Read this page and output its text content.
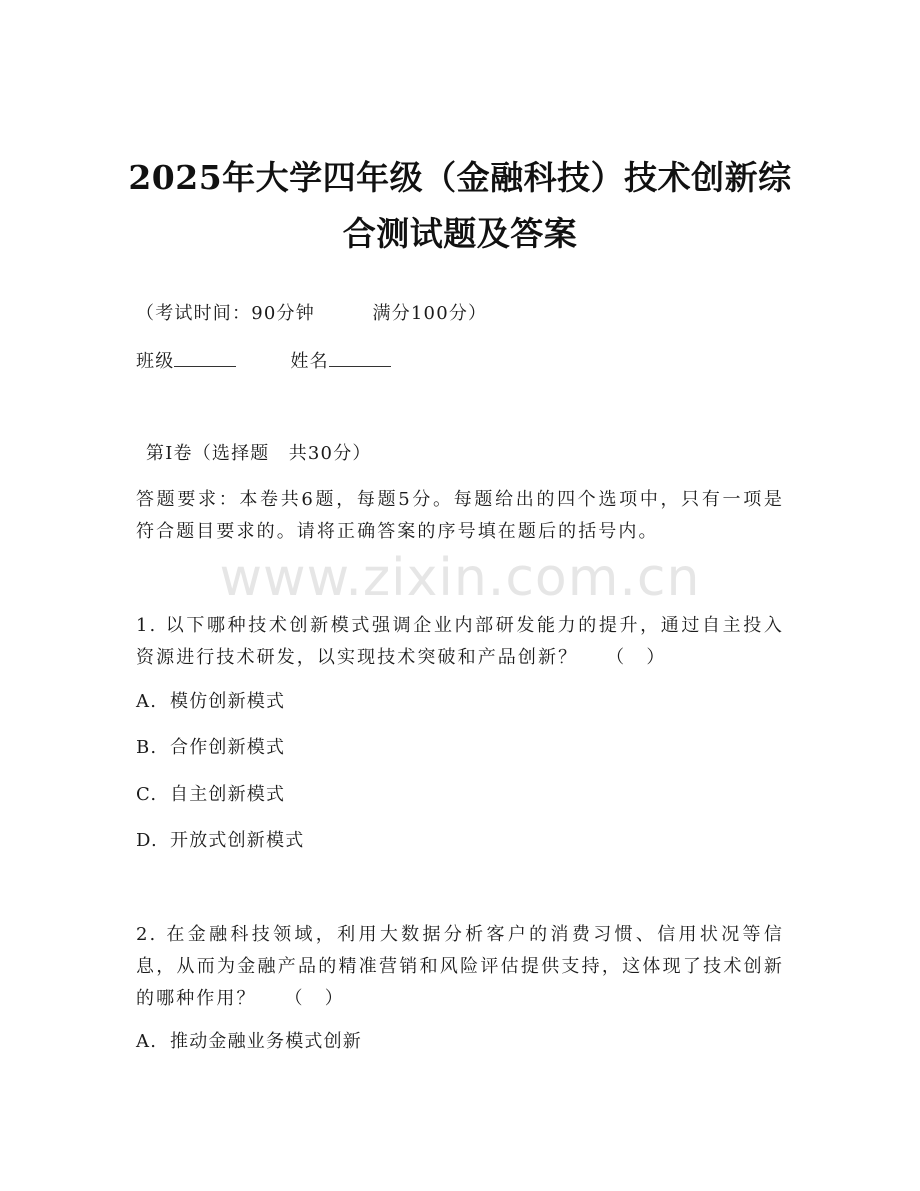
www.zixin.com.cn
2025年大学四年级（金融科技）技术创新综
合测试题及答案
（考试时间：90分钟　　　满分100分）
班级	姓名
第Ⅰ卷（选择题　共30分）
答题要求：本卷共6题，每题5分。每题给出的四个选项中，只有一项是符合题目要求的。请将正确答案的序号填在题后的括号内。
1. 以下哪种技术创新模式强调企业内部研发能力的提升，通过自主投入资源进行技术研发，以实现技术突破和产品创新？　 （　）
A. 模仿创新模式
B. 合作创新模式
C. 自主创新模式
D. 开放式创新模式
2. 在金融科技领域，利用大数据分析客户的消费习惯、信用状况等信息，从而为金融产品的精准营销和风险评估提供支持，这体现了技术创新的哪种作用？　 （　）
A. 推动金融业务模式创新
